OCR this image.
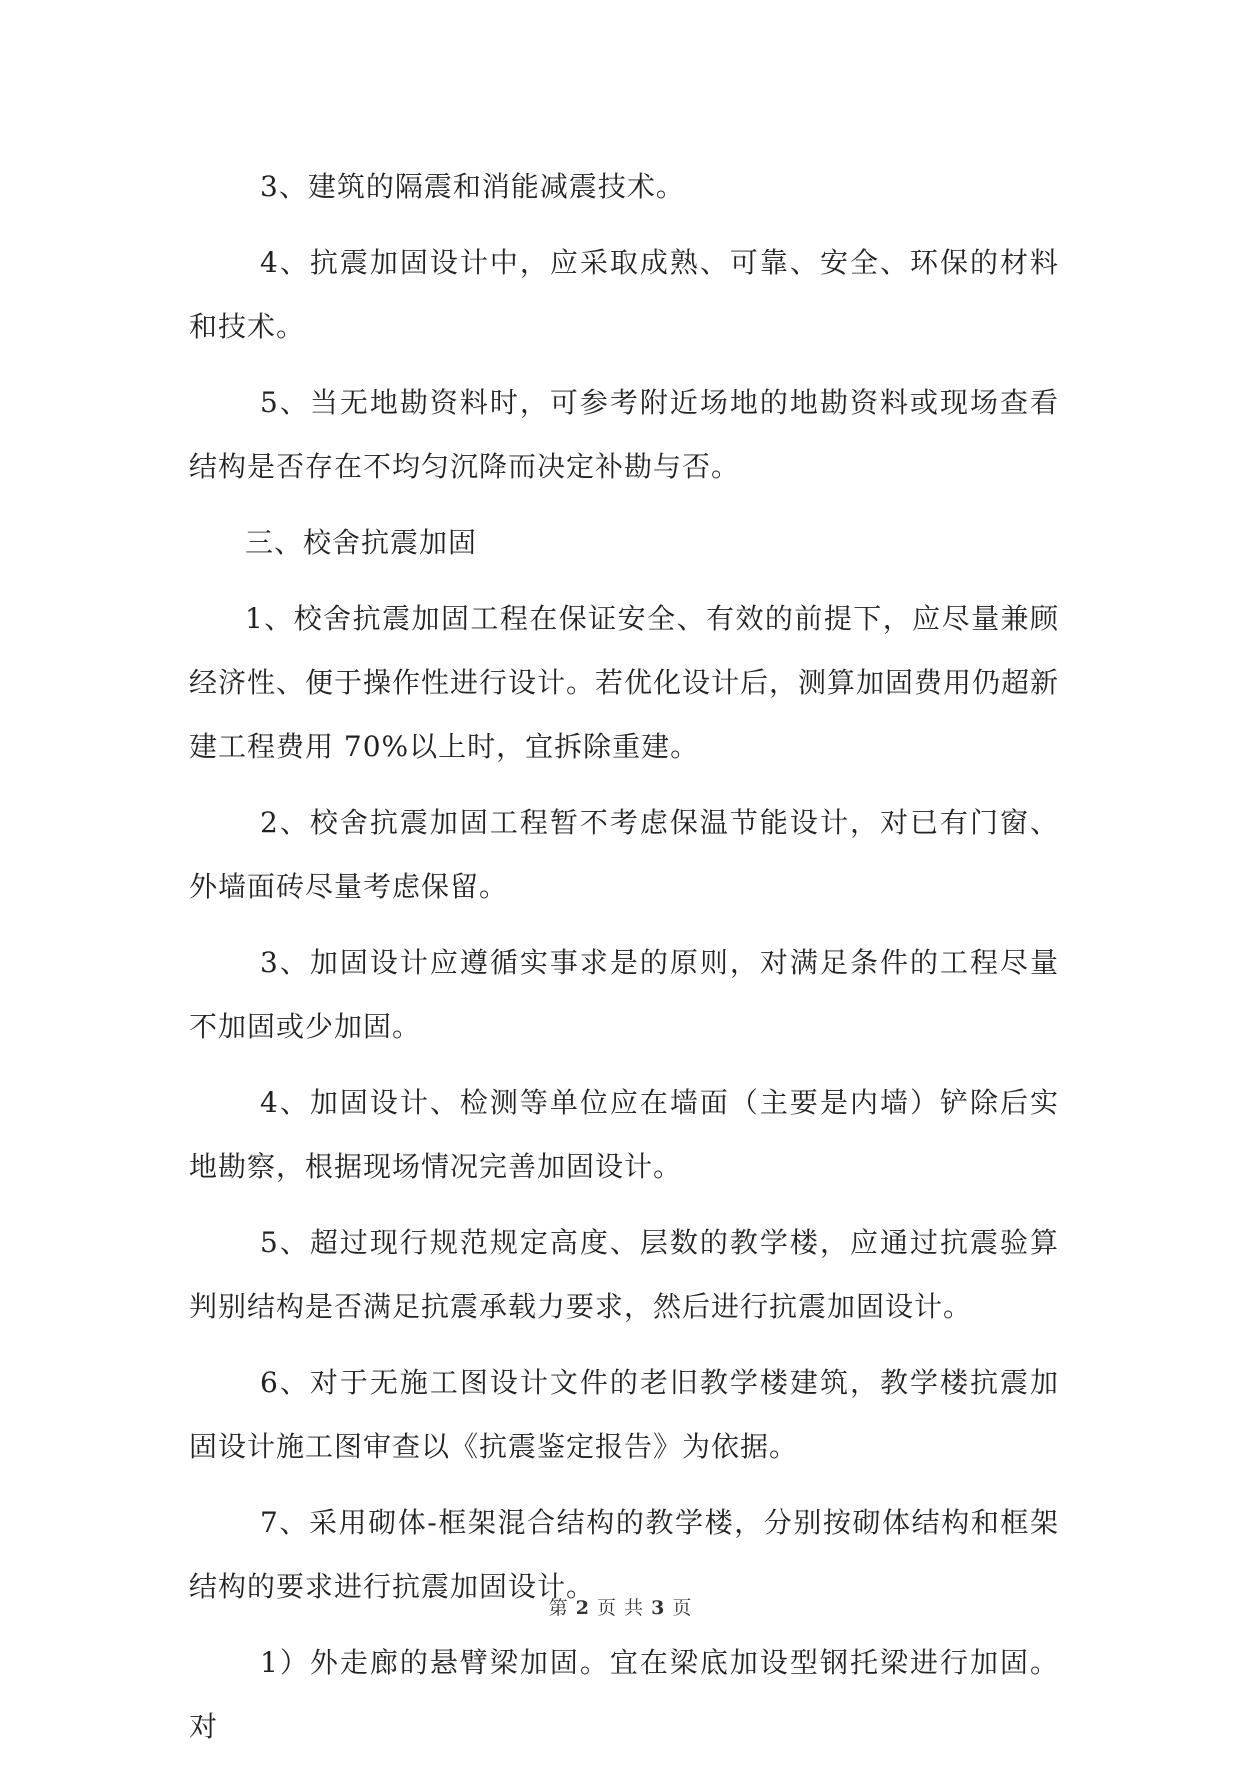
3、建筑的隔震和消能减震技术。

4、抗震加固设计中，应采取成熟、可靠、安全、环保的材料和技术。

5、当无地勘资料时，可参考附近场地的地勘资料或现场查看结构是否存在不均匀沉降而决定补勘与否。

三、校舍抗震加固

1、校舍抗震加固工程在保证安全、有效的前提下，应尽量兼顾经济性、便于操作性进行设计。若优化设计后，测算加固费用仍超新建工程费用 70%以上时，宜拆除重建。

2、校舍抗震加固工程暂不考虑保温节能设计，对已有门窗、外墙面砖尽量考虑保留。

3、加固设计应遵循实事求是的原则，对满足条件的工程尽量不加固或少加固。

4、加固设计、检测等单位应在墙面（主要是内墙）铲除后实地勘察，根据现场情况完善加固设计。

5、超过现行规范规定高度、层数的教学楼，应通过抗震验算判别结构是否满足抗震承载力要求，然后进行抗震加固设计。

6、对于无施工图设计文件的老旧教学楼建筑，教学楼抗震加固设计施工图审查以《抗震鉴定报告》为依据。

7、采用砌体-框架混合结构的教学楼，分别按砌体结构和框架结构的要求进行抗震加固设计。

1）外走廊的悬臂梁加固。宜在梁底加设型钢托梁进行加固。对

第 2 页 共 3 页
